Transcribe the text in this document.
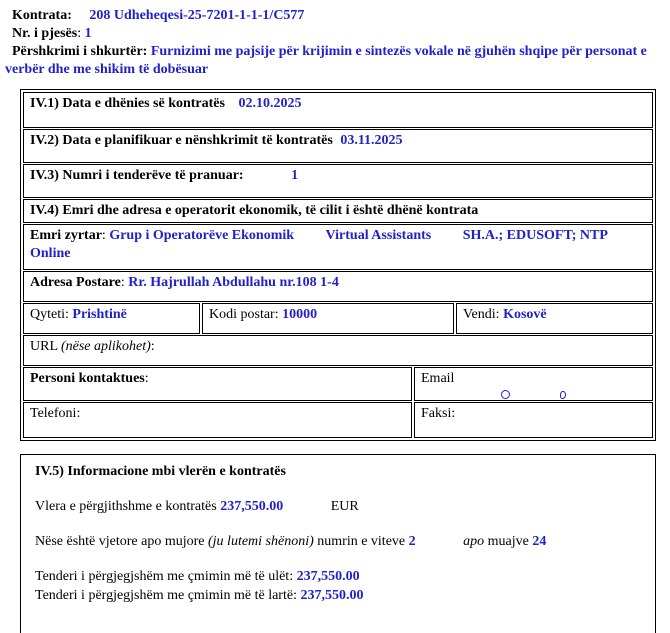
Kontrata: 208 Udheheqesi-25-7201-1-1-1/C577
Nr. i pjesës: 1
Përshkrimi i shkurtër: Furnizimi me pajsije për krijimin e sintezës vokale në gjuhën shqipe për personat e verbër dhe me shikim të dobësuar
IV.1) Data e dhënies së kontratës 02.10.2025
IV.2) Data e planifikuar e nënshkrimit të kontratës 03.11.2025
IV.3) Numri i tenderëve të pranuar:	1
IV.4) Emri dhe adresa e operatorit ekonomik, të cilit i është dhënë kontrata
Emri zyrtar: Grup i Operatorëve Ekonomik Virtual Assistants SH.A.; EDUSOFT; NTP Online
Adresa Postare: Rr. Hajrullah Abdullahu nr.108 1-4
Qyteti: Prishtinë	Kodi postar: 10000	Vendi: Kosovë
URL (nëse aplikohet):
Personi kontaktues:	Email
Telefoni:	Faksi:
IV.5) Informacione mbi vlerën e kontratës
Vlera e përgjithshme e kontratës 237,550.00	EUR
Nëse është vjetore apo mujore (ju lutemi shënoni) numrin e viteve 2	apo muajve 24
Tenderi i përgjegjshëm me çmimin më të ulët: 237,550.00
Tenderi i përgjegjshëm me çmimin më të lartë: 237,550.00
